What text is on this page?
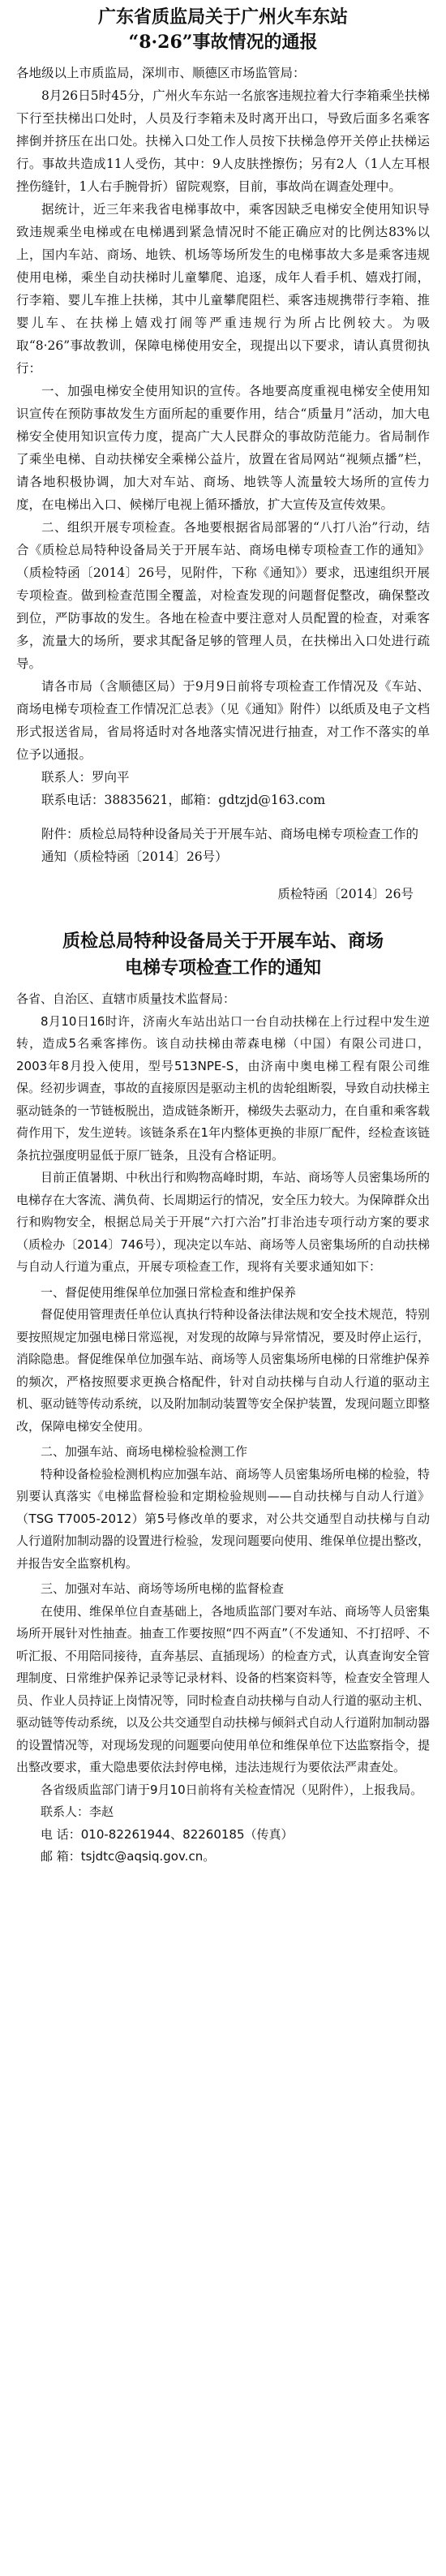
广东省质监局关于广州火车东站
“8·26”事故情况的通报

各地级以上市质监局，深圳市、顺德区市场监管局：

8月26日5时45分，广州火车东站一名旅客违规拉着大行李箱乘坐扶梯下行至扶梯出口处时，人员及行李箱未及时离开出口，导致后面多名乘客摔倒并挤压在出口处。扶梯入口处工作人员按下扶梯急停开关停止扶梯运行。事故共造成11人受伤，其中：9人皮肤挫擦伤；另有2人（1人左耳根挫伤缝针，1人右手腕骨折）留院观察，目前，事故尚在调查处理中。

据统计，近三年来我省电梯事故中，乘客因缺乏电梯安全使用知识导致违规乘坐电梯或在电梯遇到紧急情况时不能正确应对的比例达83%以上，国内车站、商场、地铁、机场等场所发生的电梯事故大多是乘客违规使用电梯，乘坐自动扶梯时儿童攀爬、追逐，成年人看手机、嬉戏打闹，行李箱、婴儿车推上扶梯，其中儿童攀爬阻栏、乘客违规携带行李箱、推婴儿车、在扶梯上嬉戏打闹等严重违规行为所占比例较大。为吸取“8·26”事故教训，保障电梯使用安全，现提出以下要求，请认真贯彻执行：

一、加强电梯安全使用知识的宣传。各地要高度重视电梯安全使用知识宣传在预防事故发生方面所起的重要作用，结合“质量月”活动，加大电梯安全使用知识宣传力度，提高广大人民群众的事故防范能力。省局制作了乘坐电梯、自动扶梯安全乘梯公益片，放置在省局网站“视频点播”栏，请各地积极协调，加大对车站、商场、地铁等人流量较大场所的宣传力度，在电梯出入口、候梯厅电视上循环播放，扩大宣传及宣传效果。

二、组织开展专项检查。各地要根据省局部署的“八打八治”行动，结合《质检总局特种设备局关于开展车站、商场电梯专项检查工作的通知》（质检特函〔2014〕26号，见附件，下称《通知》）要求，迅速组织开展专项检查。做到检查范围全覆盖，对检查发现的问题督促整改，确保整改到位，严防事故的发生。各地在检查中要注意对人员配置的检查，对乘客多，流量大的场所，要求其配备足够的管理人员，在扶梯出入口处进行疏导。

请各市局（含顺德区局）于9月9日前将专项检查工作情况及《车站、商场电梯专项检查工作情况汇总表》（见《通知》附件）以纸质及电子文档形式报送省局，省局将适时对各地落实情况进行抽查，对工作不落实的单位予以通报。

联系人：罗向平

联系电话：38835621，邮箱：gdtzjd@163.com

附件：质检总局特种设备局关于开展车站、商场电梯专项检查工作的通知（质检特函〔2014〕26号）

质检特函〔2014〕26号

质检总局特种设备局关于开展车站、商场
电梯专项检查工作的通知

各省、自治区、直辖市质量技术监督局：

8月10日16时许，济南火车站出站口一台自动扶梯在上行过程中发生逆转，造成5名乘客摔伤。该自动扶梯由蒂森电梯（中国）有限公司进口，2003年8月投入使用，型号513NPE-S，由济南中奥电梯工程有限公司维保。经初步调查，事故的直接原因是驱动主机的齿轮组断裂，导致自动扶梯主驱动链条的一节链板脱出，造成链条断开，梯级失去驱动力，在自重和乘客载荷作用下，发生逆转。该链条系在1年内整体更换的非原厂配件，经检查该链条抗拉强度明显低于原厂链条，且没有合格证明。

目前正值暑期、中秋出行和购物高峰时期，车站、商场等人员密集场所的电梯存在大客流、满负荷、长周期运行的情况，安全压力较大。为保障群众出行和购物安全，根据总局关于开展“六打六治”打非治违专项行动方案的要求（质检办〔2014〕746号），现决定以车站、商场等人员密集场所的自动扶梯与自动人行道为重点，开展专项检查工作，现将有关要求通知如下：

一、督促使用维保单位加强日常检查和维护保养

督促使用管理责任单位认真执行特种设备法律法规和安全技术规范，特别要按照规定加强电梯日常巡视，对发现的故障与异常情况，要及时停止运行，消除隐患。督促维保单位加强车站、商场等人员密集场所电梯的日常维护保养的频次，严格按照要求更换合格配件，针对自动扶梯与自动人行道的驱动主机、驱动链等传动系统，以及附加制动装置等安全保护装置，发现问题立即整改，保障电梯安全使用。

二、加强车站、商场电梯检验检测工作

特种设备检验检测机构应加强车站、商场等人员密集场所电梯的检验，特别要认真落实《电梯监督检验和定期检验规则——自动扶梯与自动人行道》（TSG T7005-2012）第5号修改单的要求，对公共交通型自动扶梯与自动人行道附加制动器的设置进行检验，发现问题要向使用、维保单位提出整改，并报告安全监察机构。

三、加强对车站、商场等场所电梯的监督检查

在使用、维保单位自查基础上，各地质监部门要对车站、商场等人员密集场所开展针对性抽查。抽查工作要按照“四不两直”（不发通知、不打招呼、不听汇报、不用陪同接待，直奔基层、直插现场）的检查方式，认真查询安全管理制度、日常维护保养记录等记录材料、设备的档案资料等，检查安全管理人员、作业人员持证上岗情况等，同时检查自动扶梯与自动人行道的驱动主机、驱动链等传动系统，以及公共交通型自动扶梯与倾斜式自动人行道附加制动器的设置情况等，对现场发现的问题要向使用单位和维保单位下达监察指令，提出整改要求，重大隐患要依法封停电梯，违法违规行为要依法严肃查处。

各省级质监部门请于9月10日前将有关检查情况（见附件），上报我局。

联系人：李赵

电 话：010-82261944、82260185（传真）

邮 箱：tsjdtc@aqsiq.gov.cn。
